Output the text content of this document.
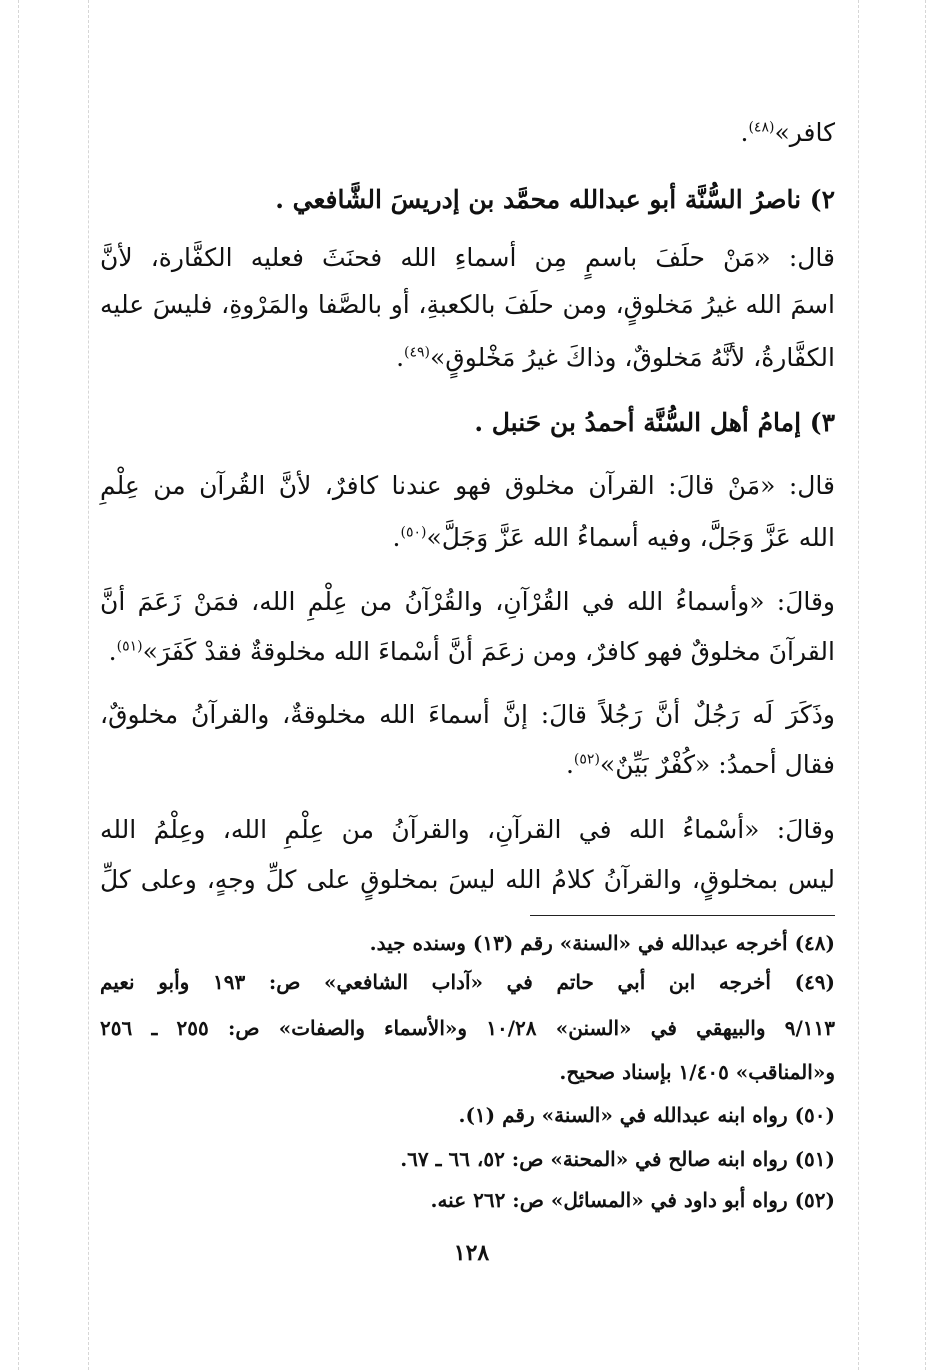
كافر»$^{(٤٨)}$.
٢) ناصرُ السُّنَّة أبو عبدالله محمَّد بن إدريسَ الشَّافعي .
قال: «مَنْ حلَفَ باسمٍ مِن أسماءِ الله فحنَثَ فعليه الكفَّارة، لأنَّ
اسمَ الله غيرُ مَخلوقٍ، ومن حلَفَ بالكعبةِ، أو بالصَّفا والمَرْوةِ، فليسَ عليه
الكفَّارةُ، لأنَّهُ مَخلوقٌ، وذاكَ غيرُ مَخْلوقٍ»$^{(٤٩)}$.
٣) إمامُ أهل السُّنَّة أحمدُ بن حَنبل .
قال: «مَنْ قالَ: القرآن مخلوق فهو عندنا كافرٌ، لأنَّ القُرآن من عِلْمِ
الله عَزَّ وَجَلَّ، وفيه أسماءُ الله عَزَّ وَجَلَّ»$^{(٥٠)}$.
وقالَ: «وأسماءُ الله في القُرْآنِ، والقُرْآنُ من عِلْمِ الله، فمَنْ زَعَمَ أنَّ
القرآنَ مخلوقٌ فهو كافرٌ، ومن زعَمَ أنَّ أسْماءَ الله مخلوقةٌ فقدْ كَفَرَ»$^{(٥١)}$.
وذَكَرَ لَه رَجُلٌ أنَّ رَجُلاً قالَ: إنَّ أسماءَ الله مخلوقةٌ، والقرآنُ مخلوقٌ،
فقال أحمدُ: «كُفْرٌ بَيِّنٌ»$^{(٥٢)}$.
وقالَ: «أسْماءُ الله في القرآنِ، والقرآنُ من عِلْمِ الله، وعِلْمُ الله
ليس بمخلوقٍ، والقرآنُ كلامُ الله ليسَ بمخلوقٍ على كلِّ وجهٍ، وعلى كلِّ
(٤٨) أخرجه عبدالله في «السنة» رقم (١٣) وسنده جيد.
(٤٩) أخرجه ابن أبي حاتم في «آداب الشافعي» ص: ١٩٣ وأبو نعيم
٩/١١٣ والبيهقي في «السنن» ١٠/٢٨ و«الأسماء والصفات» ص: ٢٥٥ ـ ٢٥٦
و«المناقب» ١/٤٠٥ بإسناد صحيح.
(٥٠) رواه ابنه عبدالله في «السنة» رقم (١).
(٥١) رواه ابنه صالح في «المحنة» ص: ٥٢، ٦٦ ـ ٦٧.
(٥٢) رواه أبو داود في «المسائل» ص: ٢٦٢ عنه.
١٢٨
